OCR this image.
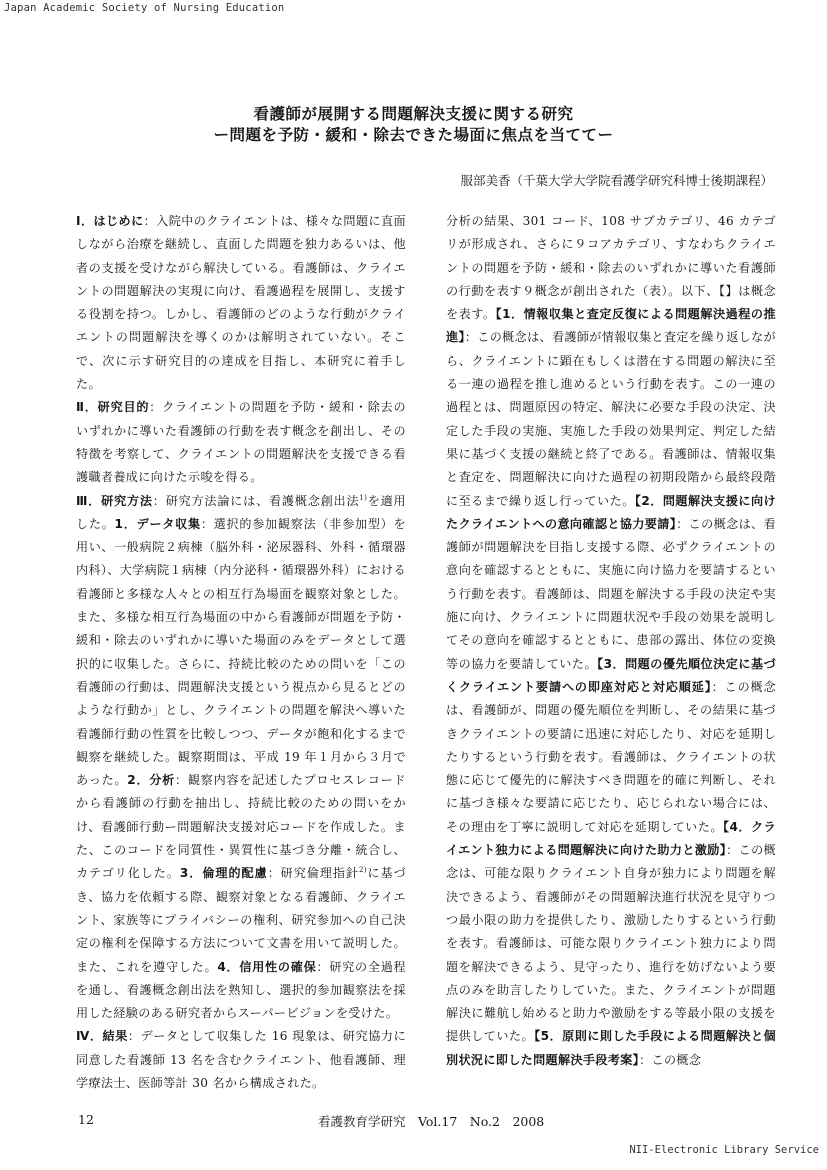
Japan Academic Society of Nursing Education
看護師が展開する問題解決支援に関する研究
ー問題を予防・緩和・除去できた場面に焦点を当ててー
服部美香（千葉大学大学院看護学研究科博士後期課程）

Ⅰ．はじめに：入院中のクライエントは、様々な問題に直面しながら治療を継続し、直面した問題を独力あるいは、他者の支援を受けながら解決している。看護師は、クライエントの問題解決の実現に向け、看護過程を展開し、支援する役割を持つ。しかし、看護師のどのような行動がクライエントの問題解決を導くのかは解明されていない。そこで、次に示す研究目的の達成を目指し、本研究に着手した。

Ⅱ．研究目的：クライエントの問題を予防・緩和・除去のいずれかに導いた看護師の行動を表す概念を創出し、その特徴を考察して、クライエントの問題解決を支援できる看護職者養成に向けた示唆を得る。

Ⅲ．研究方法：研究方法論には、看護概念創出法$^{1)}$を適用した。1．データ収集：選択的参加観察法（非参加型）を用い、一般病院２病棟（脳外科・泌尿器科、外科・循環器内科）、大学病院１病棟（内分泌科・循環器外科）における看護師と多様な人々との相互行為場面を観察対象とした。また、多様な相互行為場面の中から看護師が問題を予防・緩和・除去のいずれかに導いた場面のみをデータとして選択的に収集した。さらに、持続比較のための問いを「この看護師の行動は、問題解決支援という視点から見るとどのような行動か」とし、クライエントの問題を解決へ導いた看護師行動の性質を比較しつつ、データが飽和化するまで観察を継続した。観察期間は、平成 19 年１月から３月であった。2．分析：観察内容を記述したプロセスレコードから看護師の行動を抽出し、持続比較のための問いをかけ、看護師行動ー問題解決支援対応コードを作成した。また、このコードを同質性・異質性に基づき分離・統合し、カテゴリ化した。3．倫理的配慮：研究倫理指針$^{2)}$に基づき、協力を依頼する際、観察対象となる看護師、クライエント、家族等にプライバシーの権利、研究参加への自己決定の権利を保障する方法について文書を用いて説明した。また、これを遵守した。4．信用性の確保：研究の全過程を通し、看護概念創出法を熟知し、選択的参加観察法を採用した経験のある研究者からスーパービジョンを受けた。

Ⅳ．結果：データとして収集した 16 現象は、研究協力に同意した看護師 13 名を含むクライエント、他看護師、理学療法士、医師等計 30 名から構成された。

分析の結果、301 コード、108 サブカテゴリ、46 カテゴリが形成され、さらに９コアカテゴリ、すなわちクライエントの問題を予防・緩和・除去のいずれかに導いた看護師の行動を表す９概念が創出された（表）。以下、【】は概念を表す。【1．情報収集と査定反復による問題解決過程の推進】：この概念は、看護師が情報収集と査定を繰り返しながら、クライエントに顕在もしくは潜在する問題の解決に至る一連の過程を推し進めるという行動を表す。この一連の過程とは、問題原因の特定、解決に必要な手段の決定、決定した手段の実施、実施した手段の効果判定、判定した結果に基づく支援の継続と終了である。看護師は、情報収集と査定を、問題解決に向けた過程の初期段階から最終段階に至るまで繰り返し行っていた。【2．問題解決支援に向けたクライエントへの意向確認と協力要請】：この概念は、看護師が問題解決を目指し支援する際、必ずクライエントの意向を確認するとともに、実施に向け協力を要請するという行動を表す。看護師は、問題を解決する手段の決定や実施に向け、クライエントに問題状況や手段の効果を説明してその意向を確認するとともに、患部の露出、体位の変換等の協力を要請していた。【3．問題の優先順位決定に基づくクライエント要請への即座対応と対応順延】：この概念は、看護師が、問題の優先順位を判断し、その結果に基づきクライエントの要請に迅速に対応したり、対応を延期したりするという行動を表す。看護師は、クライエントの状態に応じて優先的に解決すべき問題を的確に判断し、それに基づき様々な要請に応じたり、応じられない場合には、その理由を丁寧に説明して対応を延期していた。【4．クライエント独力による問題解決に向けた助力と激励】：この概念は、可能な限りクライエント自身が独力により問題を解決できるよう、看護師がその問題解決進行状況を見守りつつ最小限の助力を提供したり、激励したりするという行動を表す。看護師は、可能な限りクライエント独力により問題を解決できるよう、見守ったり、進行を妨げないよう要点のみを助言したりしていた。また、クライエントが問題解決に難航し始めると助力や激励をする等最小限の支援を提供していた。【5．原則に則した手段による問題解決と個別状況に即した問題解決手段考案】：この概念

12	看護教育学研究　Vol.17　No.2　2008
NII-Electronic Library Service
